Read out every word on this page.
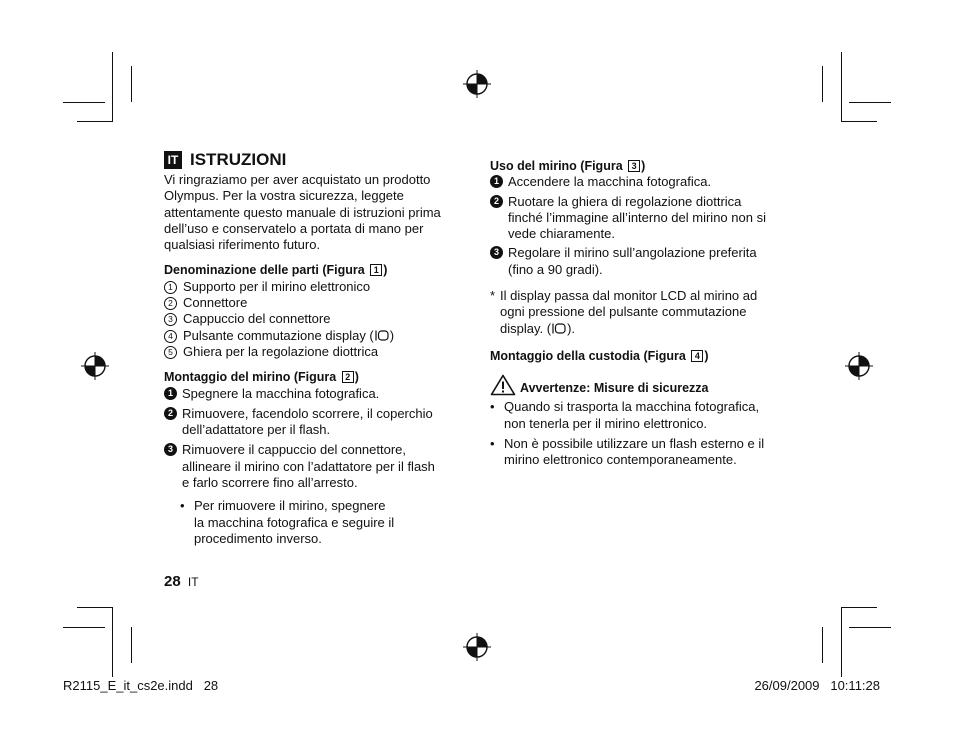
IT ISTRUZIONI

Vi ringraziamo per aver acquistato un prodotto

Olympus. Per la vostra sicurezza, leggete

attentamente questo manuale di istruzioni prima

dell’uso e conservatelo a portata di mano per

qualsiasi riferimento futuro.

Denominazione delle parti (Figura 1 )

1 Supporto per il mirino elettronico
2 Connettore
3 Cappuccio del connettore
4 Pulsante commutazione display ( )
5 Ghiera per la regolazione diottrica

Montaggio del mirino (Figura 2 )

1 Spegnere la macchina fotografica.

2 Rimuovere, facendolo scorrere, il coperchio

dell’adattatore per il flash.

3 Rimuovere il cappuccio del connettore,

allineare il mirino con l’adattatore per il flash

e farlo scorrere fino all’arresto.

• Per rimuovere il mirino, spegnere

la macchina fotografica e seguire il

procedimento inverso.

28 IT

Uso del mirino (Figura 3 )

1 Accendere la macchina fotografica.

2 Ruotare la ghiera di regolazione diottrica

finché l’immagine all’interno del mirino non si

vede chiaramente.

3 Regolare il mirino sull’angolazione preferita

(fino a 90 gradi).

* Il display passa dal monitor LCD al mirino ad

ogni pressione del pulsante commutazione

display. ( ).

Montaggio della custodia (Figura 4 )

Avvertenze: Misure di sicurezza
• Quando si trasporta la macchina fotografica,

non tenerla per il mirino elettronico.

• Non è possibile utilizzare un flash esterno e il

mirino elettronico contemporaneamente.

R2115_E_it_cs2e.indd   28	26/09/2009   10:11:28
